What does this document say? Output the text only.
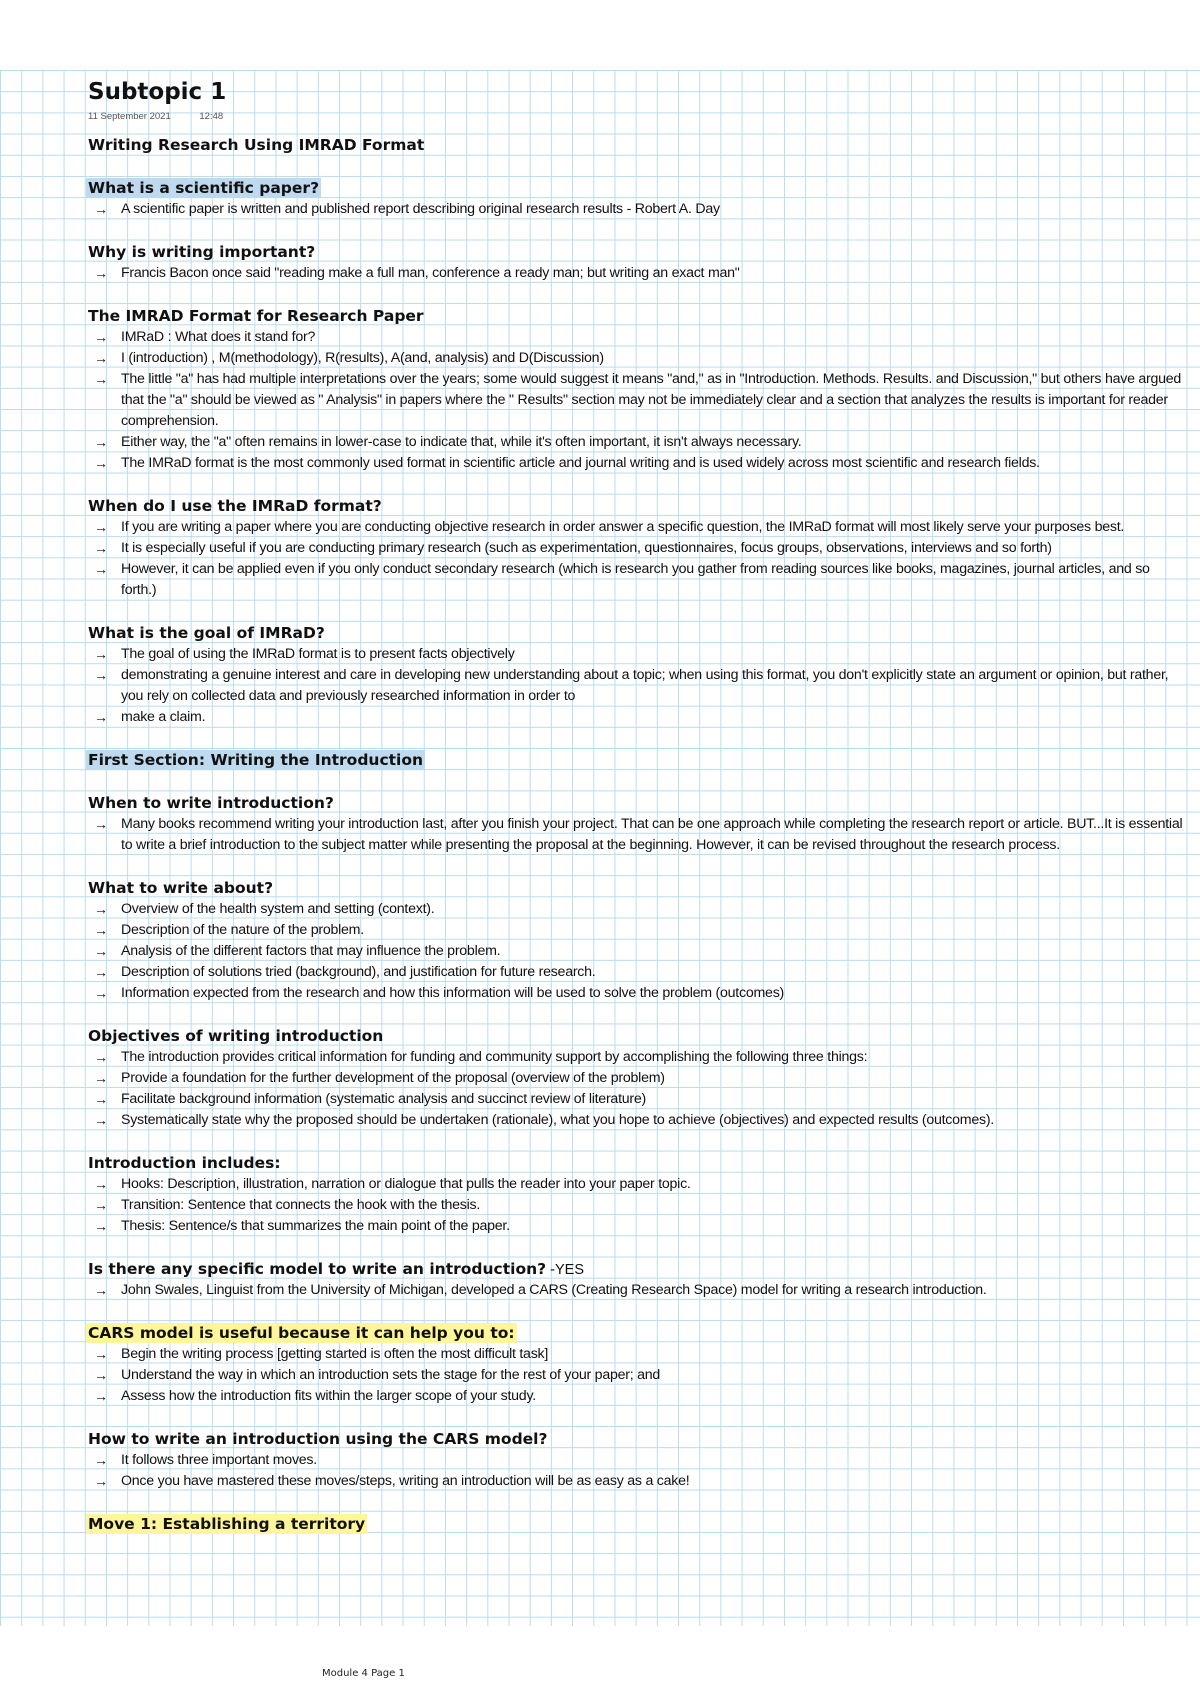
Subtopic 1
11 September 2021	12:48
Writing Research Using IMRAD Format
What is a scientific paper?
→ A scientific paper is written and published report describing original research results - Robert A. Day
Why is writing important?
→ Francis Bacon once said "reading make a full man, conference a ready man; but writing an exact man"
The IMRAD Format for Research Paper
→ IMRaD : What does it stand for?
→ I (introduction) , M(methodology), R(results), A(and, analysis) and D(Discussion)
→ The little "a" has had multiple interpretations over the years; some would suggest it means "and," as in "Introduction. Methods. Results. and Discussion," but others have argued that the "a" should be viewed as " Analysis" in papers where the " Results" section may not be immediately clear and a section that analyzes the results is important for reader comprehension.
→ Either way, the "a" often remains in lower-case to indicate that, while it's often important, it isn't always necessary.
→ The IMRaD format is the most commonly used format in scientific article and journal writing and is used widely across most scientific and research fields.
When do I use the IMRaD format?
→ If you are writing a paper where you are conducting objective research in order answer a specific question, the IMRaD format will most likely serve your purposes best.
→ It is especially useful if you are conducting primary research (such as experimentation, questionnaires, focus groups, observations, interviews and so forth)
→ However, it can be applied even if you only conduct secondary research (which is research you gather from reading sources like books, magazines, journal articles, and so forth.)
What is the goal of IMRaD?
→ The goal of using the IMRaD format is to present facts objectively
→ demonstrating a genuine interest and care in developing new understanding about a topic; when using this format, you don't explicitly state an argument or opinion, but rather, you rely on collected data and previously researched information in order to
→ make a claim.
First Section: Writing the Introduction
When to write introduction?
→ Many books recommend writing your introduction last, after you finish your project. That can be one approach while completing the research report or article. BUT...It is essential to write a brief introduction to the subject matter while presenting the proposal at the beginning. However, it can be revised throughout the research process.
What to write about?
→ Overview of the health system and setting (context).
→ Description of the nature of the problem.
→ Analysis of the different factors that may influence the problem.
→ Description of solutions tried (background), and justification for future research.
→ Information expected from the research and how this information will be used to solve the problem (outcomes)
Objectives of writing introduction
→ The introduction provides critical information for funding and community support by accomplishing the following three things:
→ Provide a foundation for the further development of the proposal (overview of the problem)
→ Facilitate background information (systematic analysis and succinct review of literature)
→ Systematically state why the proposed should be undertaken (rationale), what you hope to achieve (objectives) and expected results (outcomes).
Introduction includes:
→ Hooks: Description, illustration, narration or dialogue that pulls the reader into your paper topic.
→ Transition: Sentence that connects the hook with the thesis.
→ Thesis: Sentence/s that summarizes the main point of the paper.
Is there any specific model to write an introduction? -YES
→ John Swales, Linguist from the University of Michigan, developed a CARS (Creating Research Space) model for writing a research introduction.
CARS model is useful because it can help you to:
→ Begin the writing process [getting started is often the most difficult task]
→ Understand the way in which an introduction sets the stage for the rest of your paper; and
→ Assess how the introduction fits within the larger scope of your study.
How to write an introduction using the CARS model?
→ It follows three important moves.
→ Once you have mastered these moves/steps, writing an introduction will be as easy as a cake!
Move 1: Establishing a territory
Module 4 Page 1
